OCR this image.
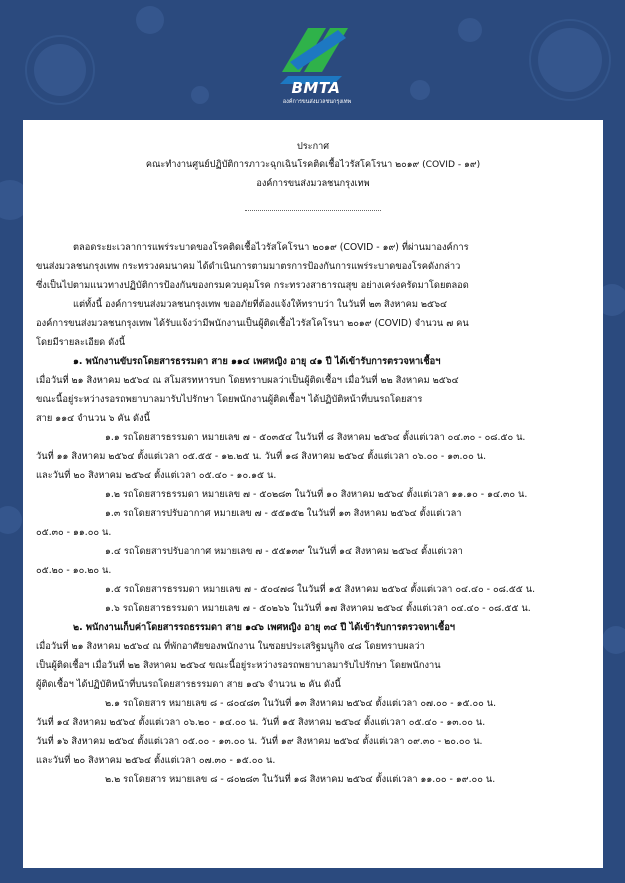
BMTA
องค์การขนส่งมวลชนกรุงเทพ
ประกาศ
คณะทำงานศูนย์ปฏิบัติการภาวะฉุกเฉินโรคติดเชื้อไวรัสโคโรนา ๒๐๑๙ (COVID - ๑๙)
องค์การขนส่งมวลชนกรุงเทพ
ตลอดระยะเวลาการแพร่ระบาดของโรคติดเชื้อไวรัสโคโรนา ๒๐๑๙ (COVID - ๑๙) ที่ผ่านมาองค์การ
ขนส่งมวลชนกรุงเทพ กระทรวงคมนาคม ได้ดำเนินการตามมาตรการป้องกันการแพร่ระบาดของโรคดังกล่าว
ซึ่งเป็นไปตามแนวทางปฏิบัติการป้องกันของกรมควบคุมโรค กระทรวงสาธารณสุข อย่างเคร่งครัดมาโดยตลอด
แต่ทั้งนี้ องค์การขนส่งมวลชนกรุงเทพ ขออภัยที่ต้องแจ้งให้ทราบว่า ในวันที่ ๒๓ สิงหาคม ๒๕๖๔
องค์การขนส่งมวลชนกรุงเทพ ได้รับแจ้งว่ามีพนักงานเป็นผู้ติดเชื้อไวรัสโคโรนา ๒๐๑๙ (COVID) จำนวน ๗ คน
โดยมีรายละเอียด ดังนี้
๑. พนักงานขับรถโดยสารธรรมดา สาย ๑๑๔ เพศหญิง อายุ ๔๑ ปี ได้เข้ารับการตรวจหาเชื้อฯ
เมื่อวันที่ ๒๑ สิงหาคม ๒๕๖๔ ณ สโมสรทหารบก โดยทราบผลว่าเป็นผู้ติดเชื้อฯ เมื่อวันที่ ๒๒ สิงหาคม ๒๕๖๔
ขณะนี้อยู่ระหว่างรอรถพยาบาลมารับไปรักษา โดยพนักงานผู้ติดเชื้อฯ ได้ปฏิบัติหน้าที่บนรถโดยสาร
สาย ๑๑๔ จำนวน ๖ คัน ดังนี้
๑.๑ รถโดยสารธรรมดา หมายเลข ๗ - ๕๐๓๕๔ ในวันที่ ๘ สิงหาคม ๒๕๖๔ ตั้งแต่เวลา ๐๔.๓๐ - ๐๘.๕๐ น.
วันที่ ๑๑ สิงหาคม ๒๕๖๔ ตั้งแต่เวลา ๐๕.๕๕ - ๑๒.๒๕ น. วันที่ ๑๘ สิงหาคม ๒๕๖๔ ตั้งแต่เวลา ๐๖.๐๐ - ๑๓.๐๐ น.
และวันที่ ๒๐ สิงหาคม ๒๕๖๔ ตั้งแต่เวลา ๐๕.๔๐ - ๑๐.๑๕ น.
๑.๒ รถโดยสารธรรมดา หมายเลข ๗ - ๕๐๒๘๓ ในวันที่ ๑๐ สิงหาคม ๒๕๖๔ ตั้งแต่เวลา ๑๑.๑๐ - ๑๔.๓๐ น.
๑.๓ รถโดยสารปรับอากาศ หมายเลข ๗ - ๕๕๑๕๒ ในวันที่ ๑๓ สิงหาคม ๒๕๖๔ ตั้งแต่เวลา
๐๕.๓๐ - ๑๑.๐๐ น.
๑.๔ รถโดยสารปรับอากาศ หมายเลข ๗ - ๕๕๑๓๙ ในวันที่ ๑๔ สิงหาคม ๒๕๖๔ ตั้งแต่เวลา
๐๕.๒๐ - ๑๐.๒๐ น.
๑.๕ รถโดยสารธรรมดา หมายเลข ๗ - ๕๐๔๗๘ ในวันที่ ๑๕ สิงหาคม ๒๕๖๔ ตั้งแต่เวลา ๐๔.๔๐ - ๐๘.๕๕ น.
๑.๖ รถโดยสารธรรมดา หมายเลข ๗ - ๕๐๒๖๖ ในวันที่ ๑๗ สิงหาคม ๒๕๖๔ ตั้งแต่เวลา ๐๔.๔๐ - ๐๘.๕๕ น.
๒. พนักงานเก็บค่าโดยสารรถธรรมดา สาย ๑๔๖ เพศหญิง อายุ ๓๔ ปี ได้เข้ารับการตรวจหาเชื้อฯ
เมื่อวันที่ ๒๑ สิงหาคม ๒๕๖๔ ณ ที่พักอาศัยของพนักงาน ในซอยประเสริฐมนูกิจ ๔๘ โดยทราบผลว่า
เป็นผู้ติดเชื้อฯ เมื่อวันที่ ๒๒ สิงหาคม ๒๕๖๔ ขณะนี้อยู่ระหว่างรอรถพยาบาลมารับไปรักษา โดยพนักงาน
ผู้ติดเชื้อฯ ได้ปฏิบัติหน้าที่บนรถโดยสารธรรมดา สาย ๑๔๖ จำนวน ๒ คัน ดังนี้
๒.๑ รถโดยสาร หมายเลข ๘ - ๘๐๔๘๓ ในวันที่ ๑๓ สิงหาคม ๒๕๖๔ ตั้งแต่เวลา ๐๗.๐๐ - ๑๕.๐๐ น.
วันที่ ๑๔ สิงหาคม ๒๕๖๔ ตั้งแต่เวลา ๐๖.๒๐ - ๑๔.๐๐ น. วันที่ ๑๕ สิงหาคม ๒๕๖๔ ตั้งแต่เวลา ๐๕.๔๐ - ๑๓.๐๐ น.
วันที่ ๑๖ สิงหาคม ๒๕๖๔ ตั้งแต่เวลา ๐๕.๐๐ - ๑๓.๐๐ น. วันที่ ๑๙ สิงหาคม ๒๕๖๔ ตั้งแต่เวลา ๐๙.๓๐ - ๒๐.๐๐ น.
และวันที่ ๒๐ สิงหาคม ๒๕๖๔ ตั้งแต่เวลา ๐๗.๓๐ - ๑๕.๐๐ น.
๒.๒ รถโดยสาร หมายเลข ๘ - ๘๐๒๘๓ ในวันที่ ๑๘ สิงหาคม ๒๕๖๔ ตั้งแต่เวลา ๑๑.๐๐ - ๑๙.๐๐ น.
